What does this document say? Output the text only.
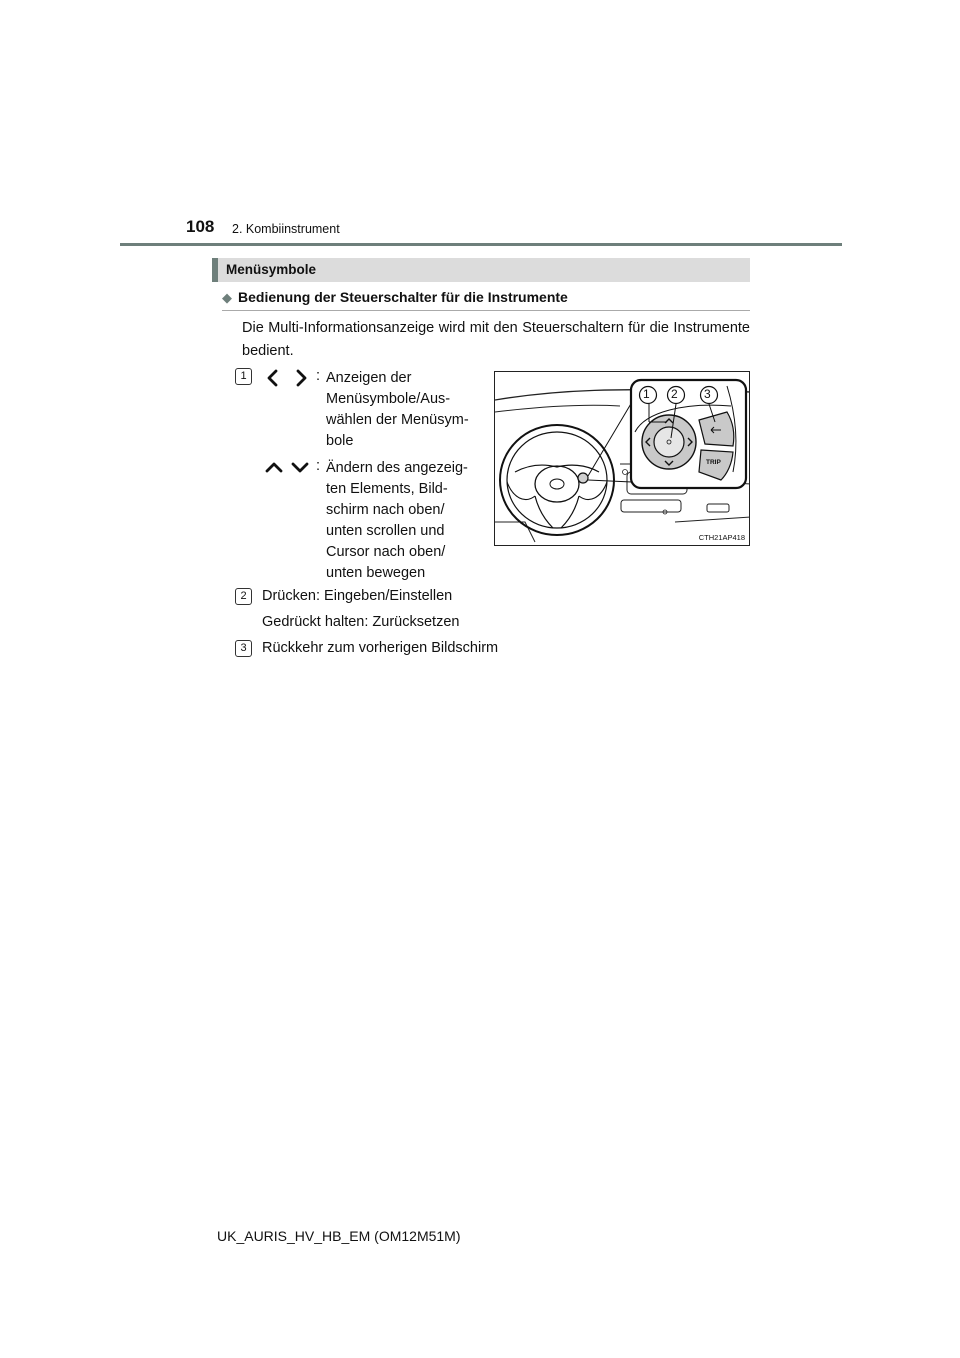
108 2. Kombiinstrument
Menüsymbole
◆ Bedienung der Steuerschalter für die Instrumente
Die Multi-Informationsanzeige wird mit den Steuerschaltern für die Instrumente bedient.
1	: Anzeigen der
Menüsymbole/Aus-
wählen der Menüsym-
bole
: Ändern des angezeig-
ten Elements, Bild-
schirm nach oben/
unten scrollen und
Cursor nach oben/
unten bewegen
2	Drücken: Eingeben/Einstellen
Gedrückt halten: Zurücksetzen
3	Rückkehr zum vorherigen Bildschirm
1 2 3
TRIP
CTH21AP418
UK_AURIS_HV_HB_EM (OM12M51M)
